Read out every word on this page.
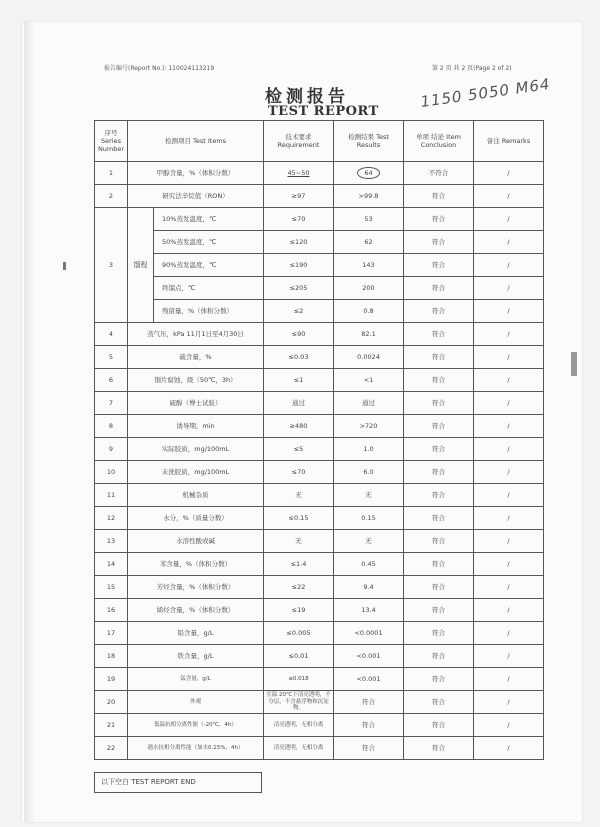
报告编号(Report No.): 110024113219	第 2 页 共 2 页(Page 2 of 2)
检测报告
TEST REPORT
1150 5050 M64
序号 Series Number	检测项目 Test Items		技术要求 Requirement	检测结果 Test Results	单项 结论 Item Conclusion	备注 Remarks
1	甲醇含量，%（体积分数）		45~50	64	不符合	/
2	研究法辛烷值（RON）		≥97	>99.8	符合	/
3	馏程	10%蒸发温度，℃	≤70	53	符合	/
		50%蒸发温度，℃	≤120	62	符合	/
		90%蒸发温度，℃	≤190	143	符合	/
		终馏点，℃	≤205	200	符合	/
		残留量，%（体积分数）	≤2	0.8	符合	/
4	蒸气压，kPa 11月1日至4月30日		≤90	82.1	符合	/
5	硫含量，%		≤0.03	0.0024	符合	/
6	铜片腐蚀，级（50℃，3h）		≤1	<1	符合	/
7	硫醇（博士试验）		通过	通过	符合	/
8	诱导期，min		≥480	>720	符合	/
9	实际胶质，mg/100mL		≤5	1.0	符合	/
10	未洗胶质，mg/100mL		≤70	6.0	符合	/
11	机械杂质		无	无	符合	/
12	水分，%（质量分数）		≤0.15	0.15	符合	/
13	水溶性酸或碱		无	无	符合	/
14	苯含量，%（体积分数）		≤1.4	0.45	符合	/
15	芳烃含量，%（体积分数）		≤22	9.4	符合	/
16	烯烃含量，%（体积分数）		≤19	13.4	符合	/
17	铅含量，g/L		≤0.005	<0.0001	符合	/
18	铁含量，g/L		≤0.01	<0.001	符合	/
19	锰含量，g/L		≤0.018	<0.001	符合	/
20	外观		室温 20℃下清亮透明，不分层，不含悬浮物和沉淀物。	符合	符合	/
21	低温抗相分离性能（-20℃，4h）		清亮透明，无相分离	符合	符合	/
22	遇水抗相分离性能（加水0.15%，4h）		清亮透明，无相分离	符合	符合	/
以下空白 TEST REPORT END
